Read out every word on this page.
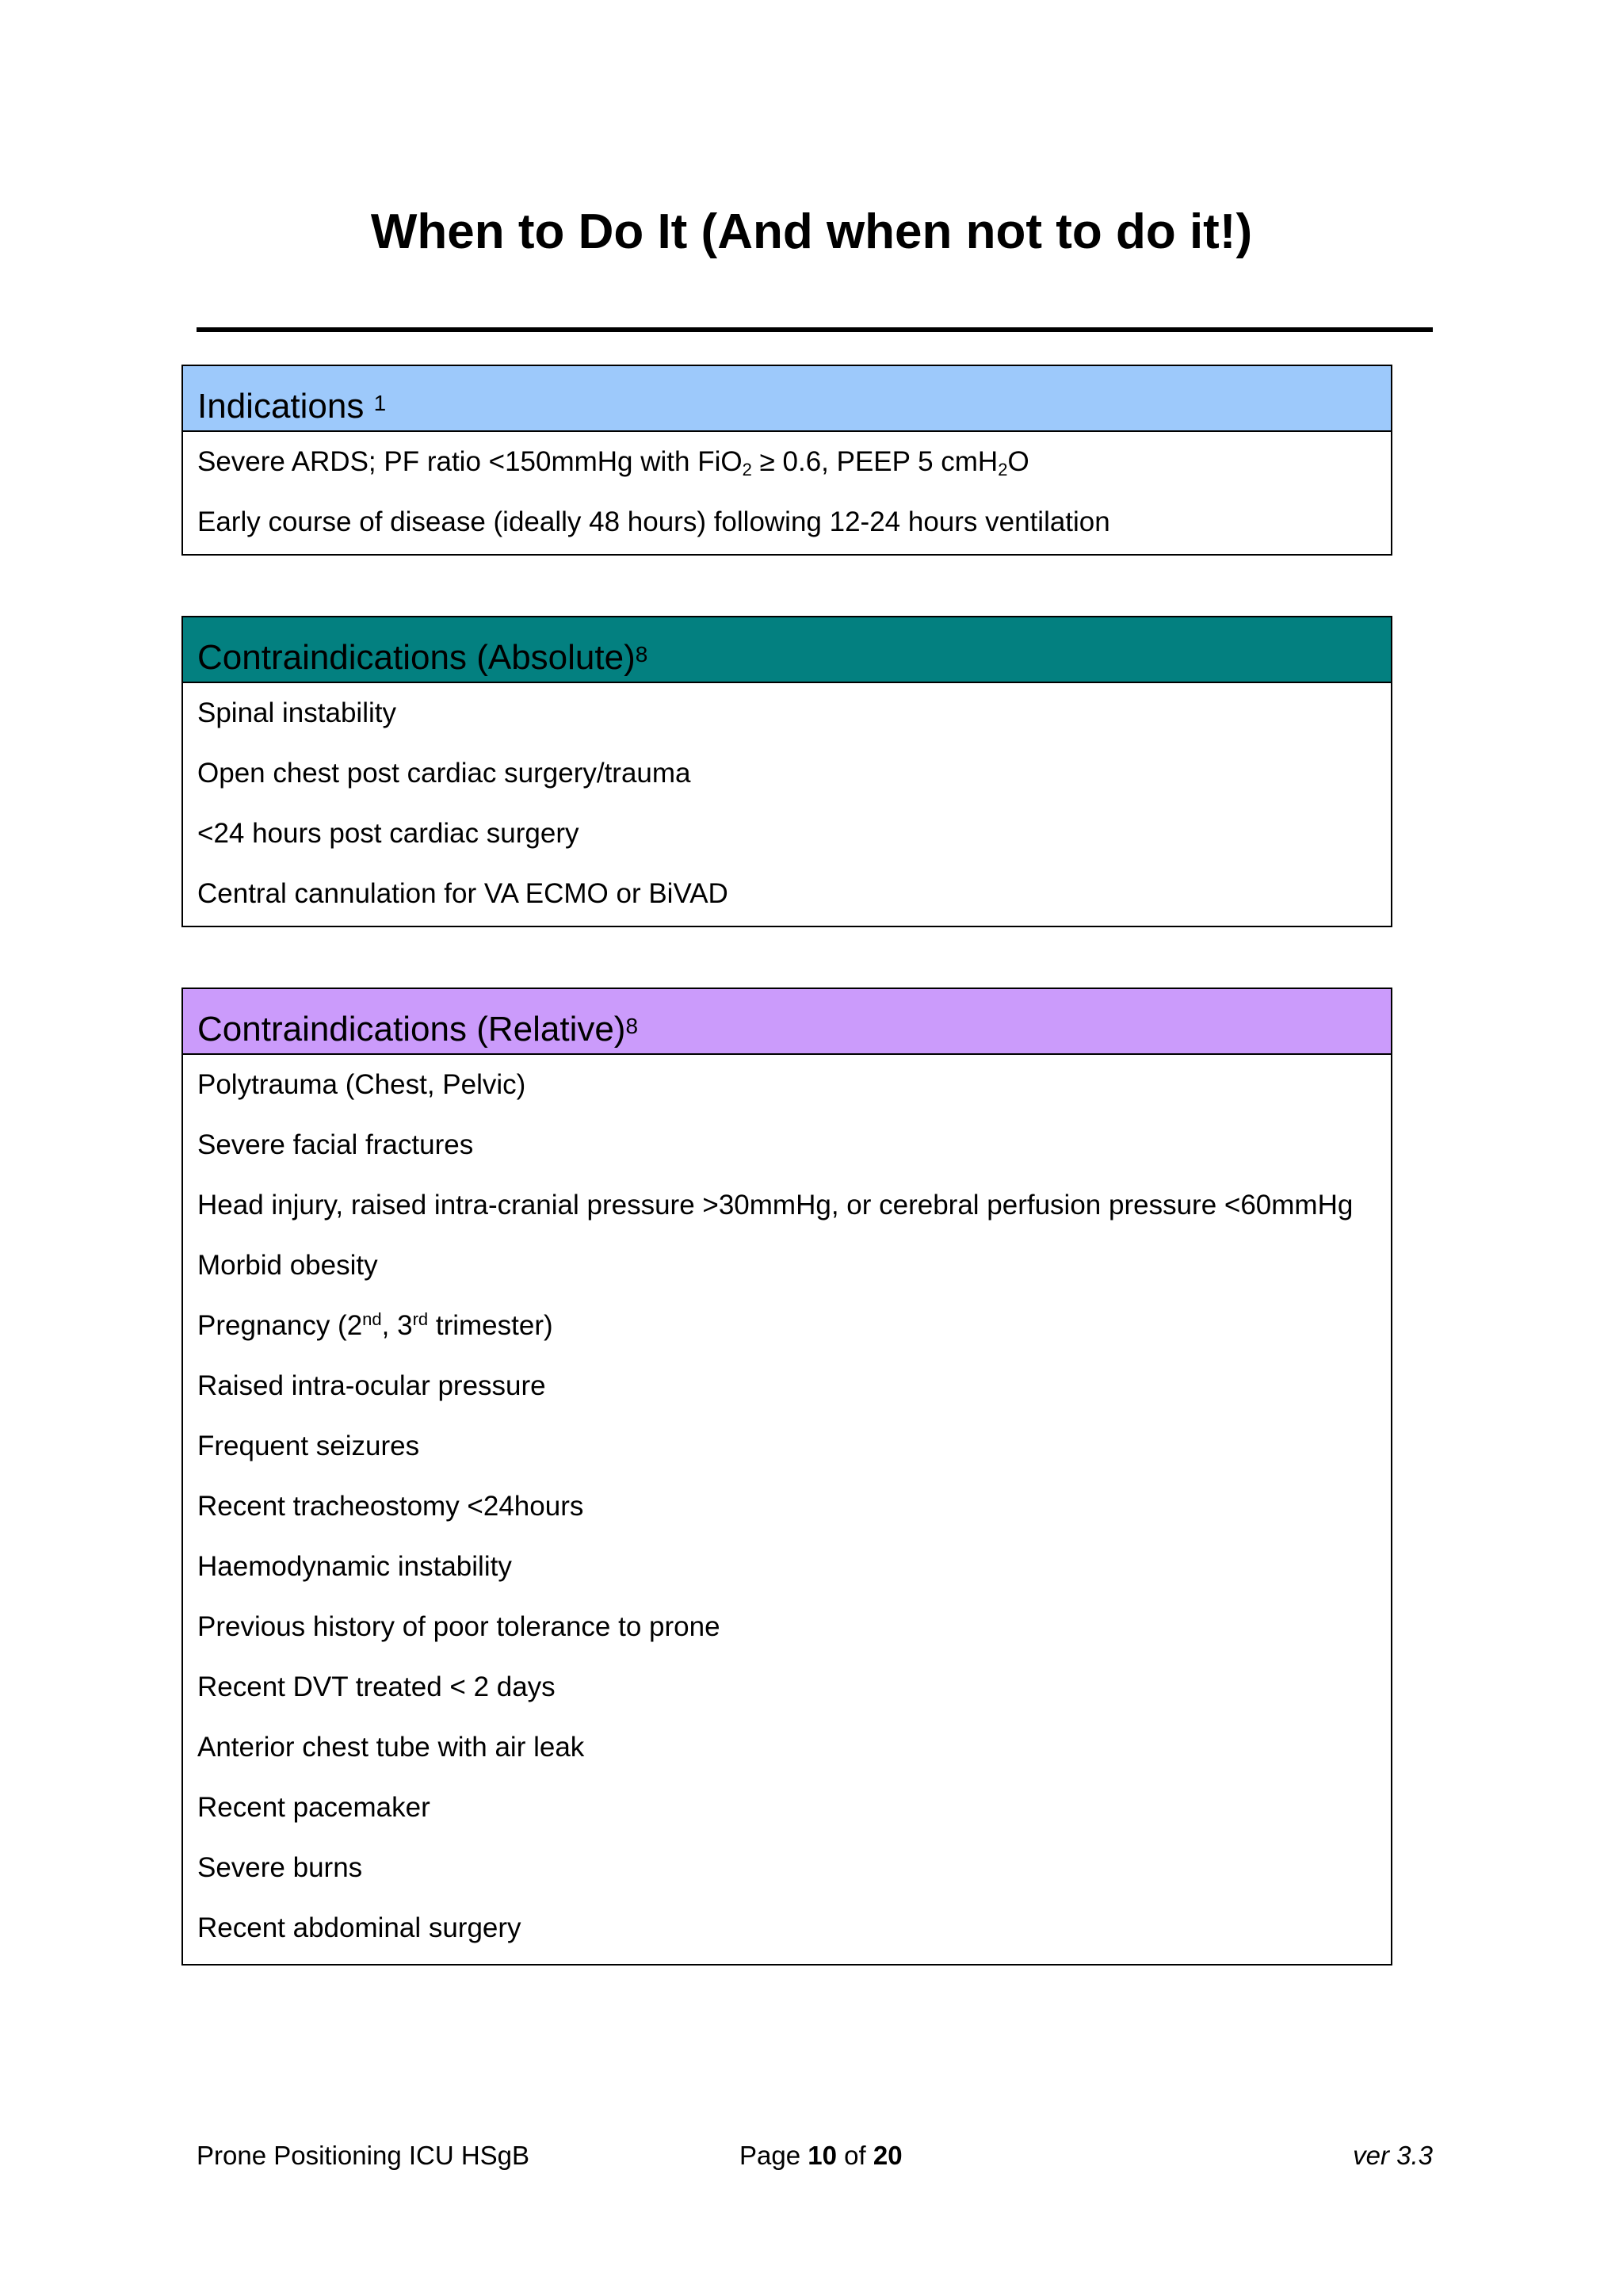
When to Do It (And when not to do it!)
Indications $^1$
Severe ARDS; PF ratio <150mmHg with FiO$_2$ ≥ 0.6, PEEP 5 cmH$_2$O
Early course of disease (ideally 48 hours) following 12-24 hours ventilation
Contraindications (Absolute)$^8$
Spinal instability
Open chest post cardiac surgery/trauma
<24 hours post cardiac surgery
Central cannulation for VA ECMO or BiVAD
Contraindications (Relative)$^8$
Polytrauma (Chest, Pelvic)
Severe facial fractures
Head injury, raised intra-cranial pressure >30mmHg, or cerebral perfusion pressure <60mmHg
Morbid obesity
Pregnancy (2nd, 3rd trimester)
Raised intra-ocular pressure
Frequent seizures
Recent tracheostomy <24hours
Haemodynamic instability
Previous history of poor tolerance to prone
Recent DVT treated < 2 days
Anterior chest tube with air leak
Recent pacemaker
Severe burns
Recent abdominal surgery
Prone Positioning ICU HSgB	Page 10 of 20	ver 3.3
